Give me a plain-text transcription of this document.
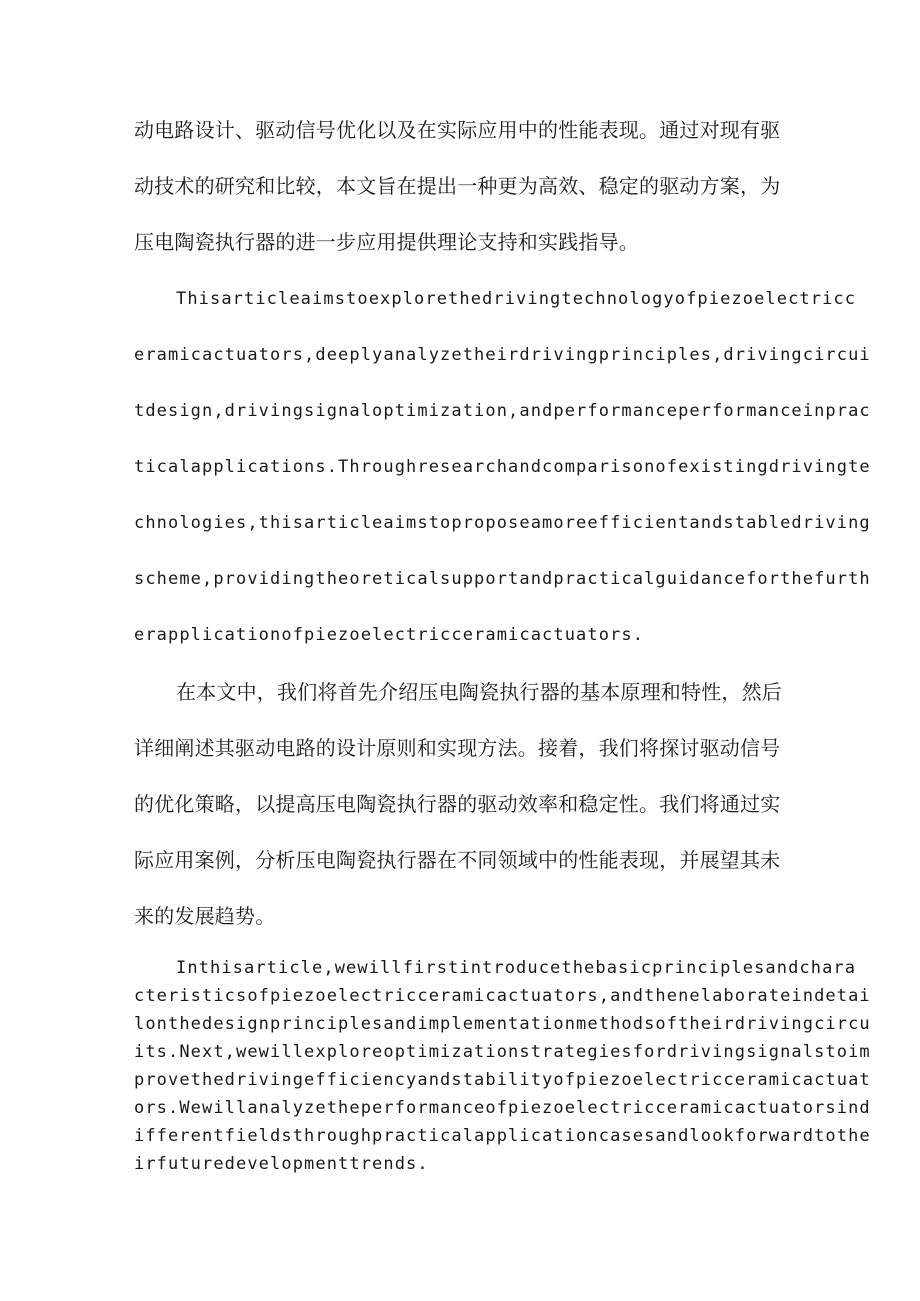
动电路设计、驱动信号优化以及在实际应用中的性能表现。通过对现有驱
动技术的研究和比较，本文旨在提出一种更为高效、稳定的驱动方案，为
压电陶瓷执行器的进一步应用提供理论支持和实践指导。
Thisarticleaimstoexplorethedrivingtechnologyofpiezoelectricc
eramicactuators,deeplyanalyzetheirdrivingprinciples,drivingcircui
tdesign,drivingsignaloptimization,andperformanceperformanceinprac
ticalapplications.Throughresearchandcomparisonofexistingdrivingte
chnologies,thisarticleaimstoproposeamoreefficientandstabledriving
scheme,providingtheoreticalsupportandpracticalguidanceforthefurth
erapplicationofpiezoelectricceramicactuators.
在本文中，我们将首先介绍压电陶瓷执行器的基本原理和特性，然后
详细阐述其驱动电路的设计原则和实现方法。接着，我们将探讨驱动信号
的优化策略，以提高压电陶瓷执行器的驱动效率和稳定性。我们将通过实
际应用案例，分析压电陶瓷执行器在不同领域中的性能表现，并展望其未
来的发展趋势。
Inthisarticle,wewillfirstintroducethebasicprinciplesandchara
cteristicsofpiezoelectricceramicactuators,andthenelaborateindetai
lonthedesignprinciplesandimplementationmethodsoftheirdrivingcircu
its.Next,wewillexploreoptimizationstrategiesfordrivingsignalstoim
provethedrivingefficiencyandstabilityofpiezoelectricceramicactuat
ors.Wewillanalyzetheperformanceofpiezoelectricceramicactuatorsind
ifferentfieldsthroughpracticalapplicationcasesandlookforwardtothe
irfuturedevelopmenttrends.
